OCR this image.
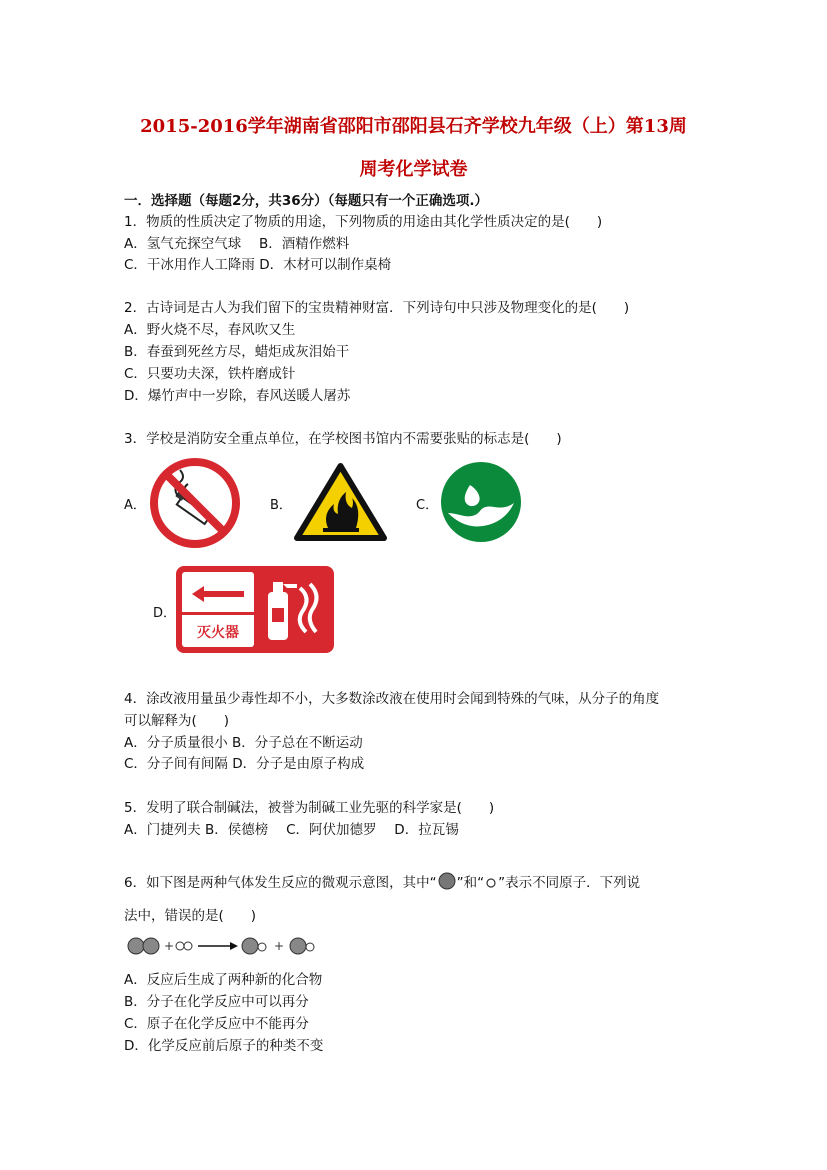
2015-2016学年湖南省邵阳市邵阳县石齐学校九年级（上）第13周
周考化学试卷
一．选择题（每题2分，共36分）（每题只有一个正确选项.）
1．物质的性质决定了物质的用途，下列物质的用途由其化学性质决定的是(　　)
A．氢气充探空气球　 B．酒精作燃料
C．干冰用作人工降雨 D．木材可以制作桌椅
2．古诗词是古人为我们留下的宝贵精神财富．下列诗句中只涉及物理变化的是(　　)
A．野火烧不尽，春风吹又生
B．春蚕到死丝方尽，蜡炬成灰泪始干
C．只要功夫深，铁杵磨成针
D．爆竹声中一岁除，春风送暖人屠苏
3．学校是消防安全重点单位，在学校图书馆内不需要张贴的标志是(　　)
A．	B．	C．
D．
灭火器
4．涂改液用量虽少毒性却不小，大多数涂改液在使用时会闻到特殊的气味，从分子的角度
可以解释为(　　)
A．分子质量很小 B．分子总在不断运动
C．分子间有间隔 D．分子是由原子构成
5．发明了联合制碱法，被誉为制碱工业先驱的科学家是(　　)
A．门捷列夫 B．侯德榜　 C．阿伏加德罗　 D．拉瓦锡
6．如下图是两种气体发生反应的微观示意图，其中“ ”和“ ”表示不同原子．下列说
法中，错误的是(　　)
+	+
A．反应后生成了两种新的化合物
B．分子在化学反应中可以再分
C．原子在化学反应中不能再分
D．化学反应前后原子的种类不变
